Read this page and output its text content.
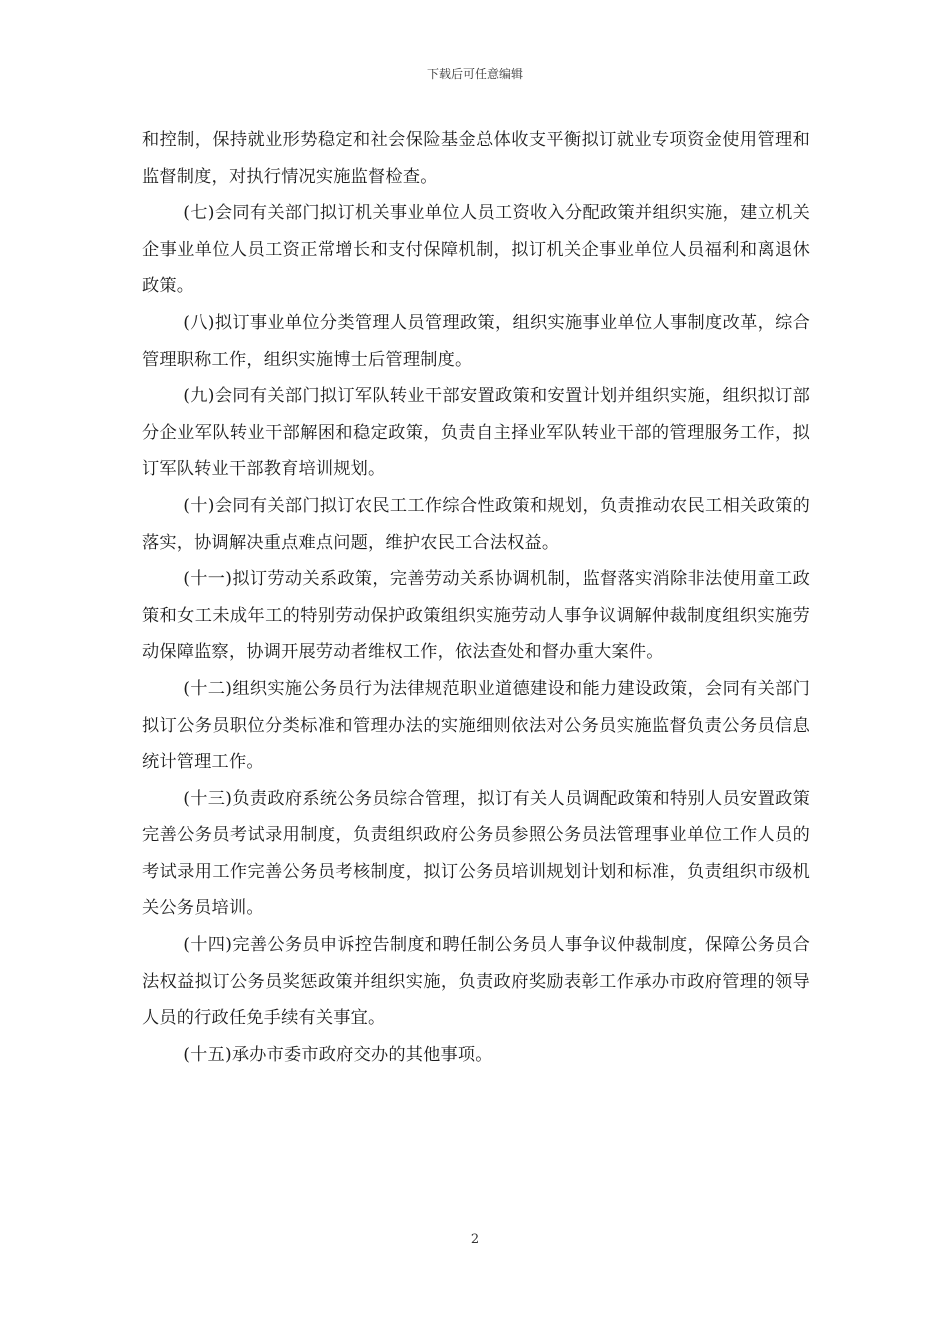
下载后可任意编辑

和控制，保持就业形势稳定和社会保险基金总体收支平衡拟订就业专项资金使用管理和监督制度，对执行情况实施监督检查。

(七)会同有关部门拟订机关事业单位人员工资收入分配政策并组织实施，建立机关企事业单位人员工资正常增长和支付保障机制，拟订机关企事业单位人员福利和离退休政策。

(八)拟订事业单位分类管理人员管理政策，组织实施事业单位人事制度改革，综合管理职称工作，组织实施博士后管理制度。

(九)会同有关部门拟订军队转业干部安置政策和安置计划并组织实施，组织拟订部分企业军队转业干部解困和稳定政策，负责自主择业军队转业干部的管理服务工作，拟订军队转业干部教育培训规划。

(十)会同有关部门拟订农民工工作综合性政策和规划，负责推动农民工相关政策的落实，协调解决重点难点问题，维护农民工合法权益。

(十一)拟订劳动关系政策，完善劳动关系协调机制，监督落实消除非法使用童工政策和女工未成年工的特别劳动保护政策组织实施劳动人事争议调解仲裁制度组织实施劳动保障监察，协调开展劳动者维权工作，依法查处和督办重大案件。

(十二)组织实施公务员行为法律规范职业道德建设和能力建设政策，会同有关部门拟订公务员职位分类标准和管理办法的实施细则依法对公务员实施监督负责公务员信息统计管理工作。

(十三)负责政府系统公务员综合管理，拟订有关人员调配政策和特别人员安置政策完善公务员考试录用制度，负责组织政府公务员参照公务员法管理事业单位工作人员的考试录用工作完善公务员考核制度，拟订公务员培训规划计划和标准，负责组织市级机关公务员培训。

(十四)完善公务员申诉控告制度和聘任制公务员人事争议仲裁制度，保障公务员合法权益拟订公务员奖惩政策并组织实施，负责政府奖励表彰工作承办市政府管理的领导人员的行政任免手续有关事宜。

(十五)承办市委市政府交办的其他事项。

2
